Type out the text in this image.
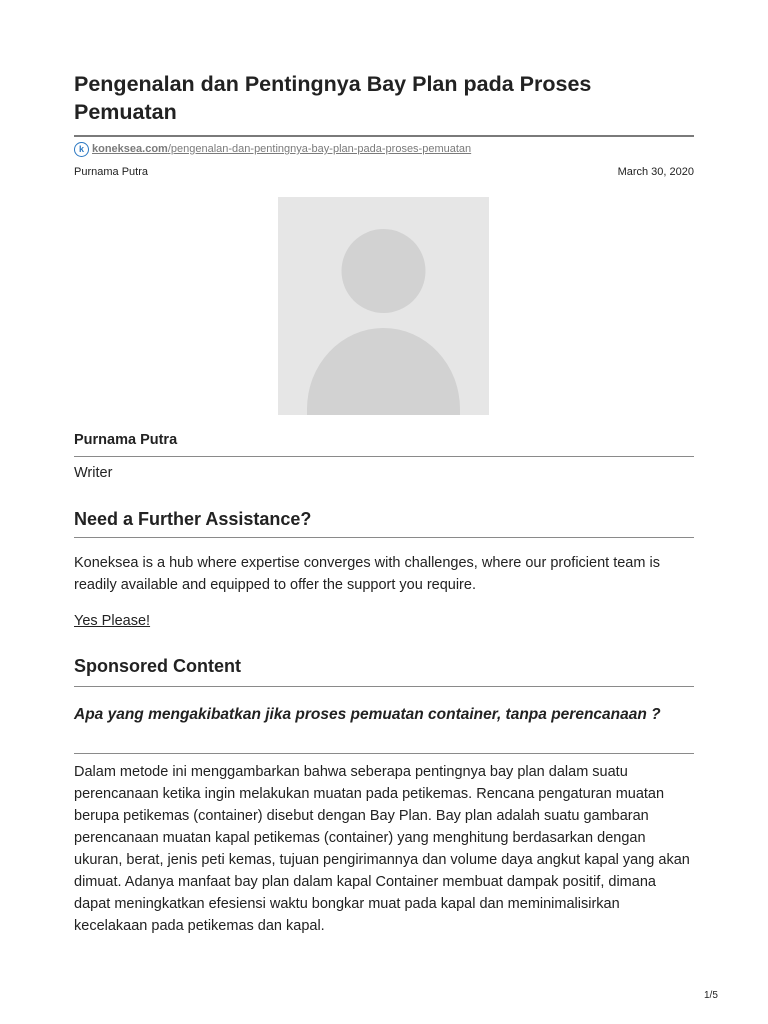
Pengenalan dan Pentingnya Bay Plan pada Proses Pemuatan
k koneksea.com/pengenalan-dan-pentingnya-bay-plan-pada-proses-pemuatan
Purnama Putra	March 30, 2020
Purnama Putra
Writer
Need a Further Assistance?

Koneksea is a hub where expertise converges with challenges, where our proficient team is readily available and equipped to offer the support you require.

Yes Please!
Sponsored Content
Apa yang mengakibatkan jika proses pemuatan container, tanpa perencanaan ?

Dalam metode ini menggambarkan bahwa seberapa pentingnya bay plan dalam suatu perencanaan ketika ingin melakukan muatan pada petikemas. Rencana pengaturan muatan berupa petikemas (container) disebut dengan Bay Plan. Bay plan adalah suatu gambaran perencanaan muatan kapal petikemas (container) yang menghitung berdasarkan dengan ukuran, berat, jenis peti kemas, tujuan pengirimannya dan volume daya angkut kapal yang akan dimuat. Adanya manfaat bay plan dalam kapal Container membuat dampak positif, dimana dapat meningkatkan efesiensi waktu bongkar muat pada kapal dan meminimalisirkan kecelakaan pada petikemas dan kapal.

1/5
